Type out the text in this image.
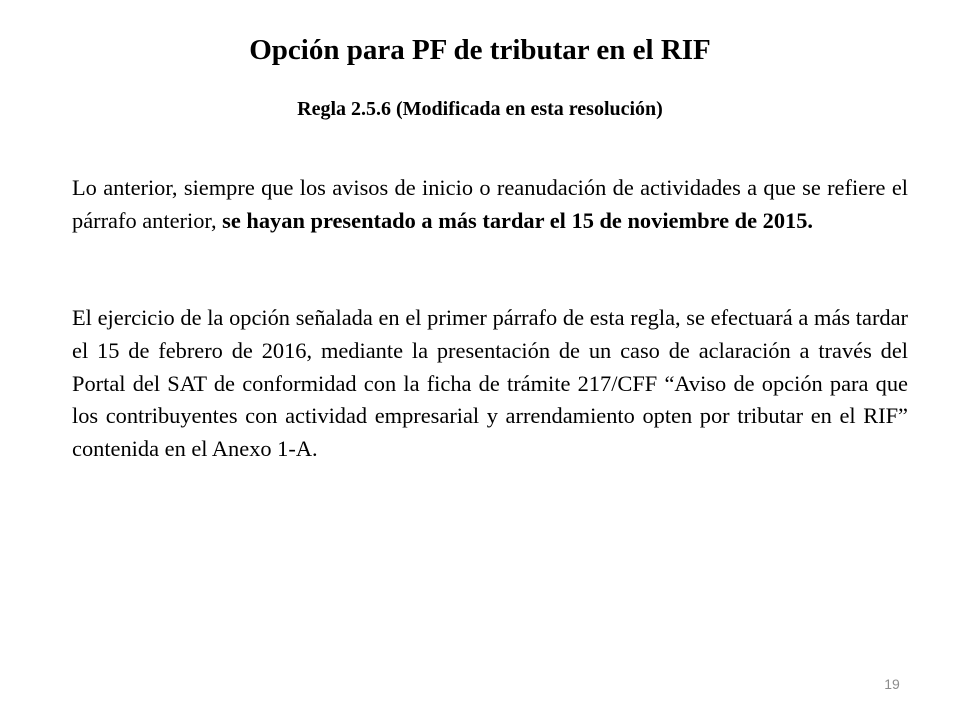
Opción para PF de tributar en el RIF
Regla 2.5.6 (Modificada en esta resolución)

Lo anterior, siempre que los avisos de inicio o reanudación de actividades a que se refiere el párrafo anterior, se hayan presentado a más tardar el 15 de noviembre de 2015.

El ejercicio de la opción señalada en el primer párrafo de esta regla, se efectuará a más tardar el 15 de febrero de 2016, mediante la presentación de un caso de aclaración a través del Portal del SAT de conformidad con la ficha de trámite 217/CFF “Aviso de opción para que los contribuyentes con actividad empresarial y arrendamiento opten por tributar en el RIF” contenida en el Anexo 1-A.

19
